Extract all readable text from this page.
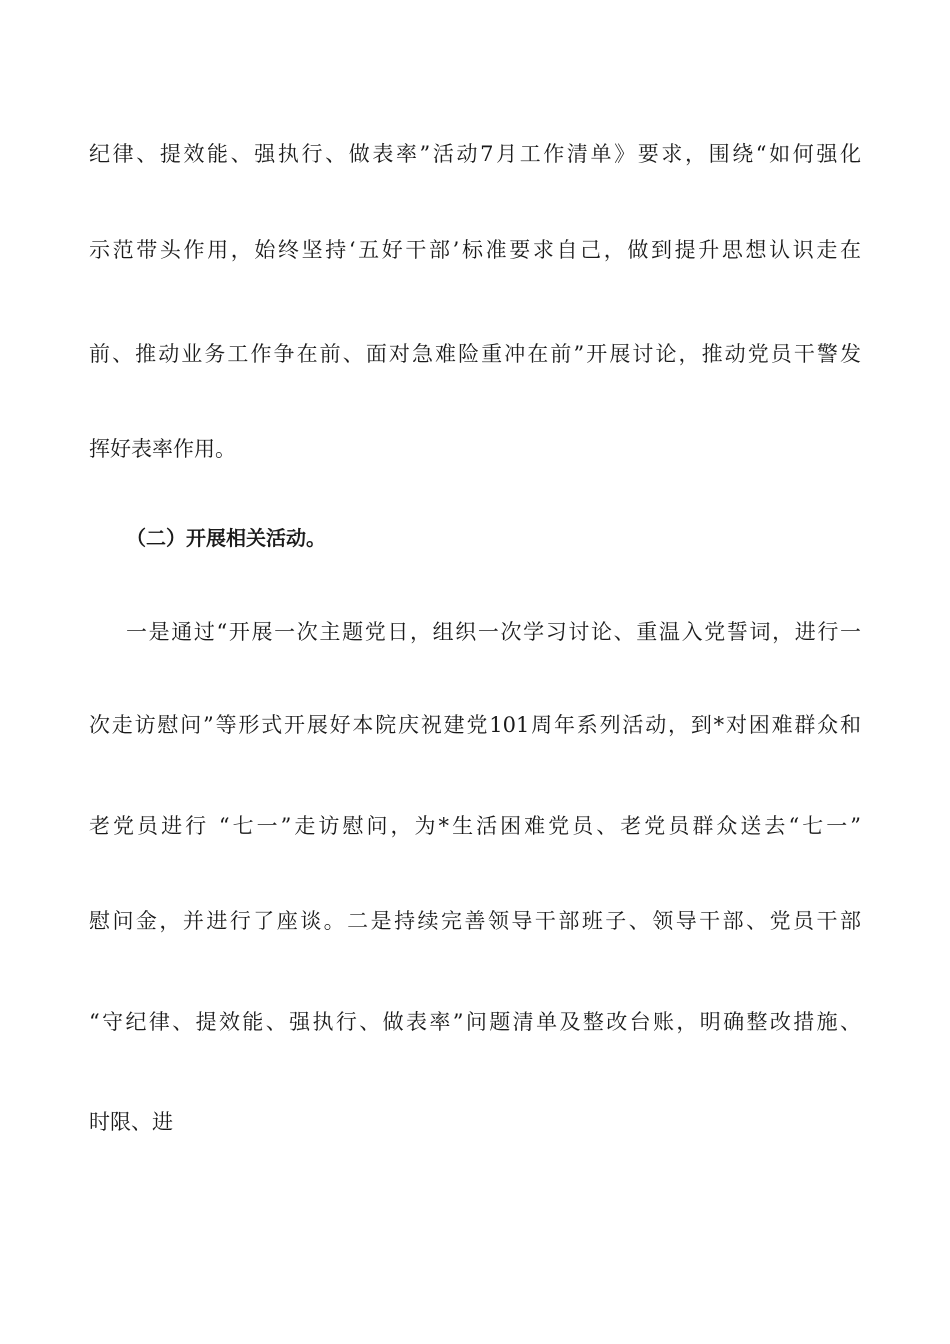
纪律、提效能、强执行、做表率”活动7月工作清单》要求，围绕“如何强化
示范带头作用，始终坚持‘五好干部’标准要求自己，做到提升思想认识走在
前、推动业务工作争在前、面对急难险重冲在前”开展讨论，推动党员干警发
挥好表率作用。
（二）开展相关活动。
一是通过“开展一次主题党日，组织一次学习讨论、重温入党誓词，进行一
次走访慰问”等形式开展好本院庆祝建党101周年系列活动，到*对困难群众和
老党员进行 “七一”走访慰问，为*生活困难党员、老党员群众送去“七一”
慰问金，并进行了座谈。二是持续完善领导干部班子、领导干部、党员干部
“守纪律、提效能、强执行、做表率”问题清单及整改台账，明确整改措施、
时限、进
